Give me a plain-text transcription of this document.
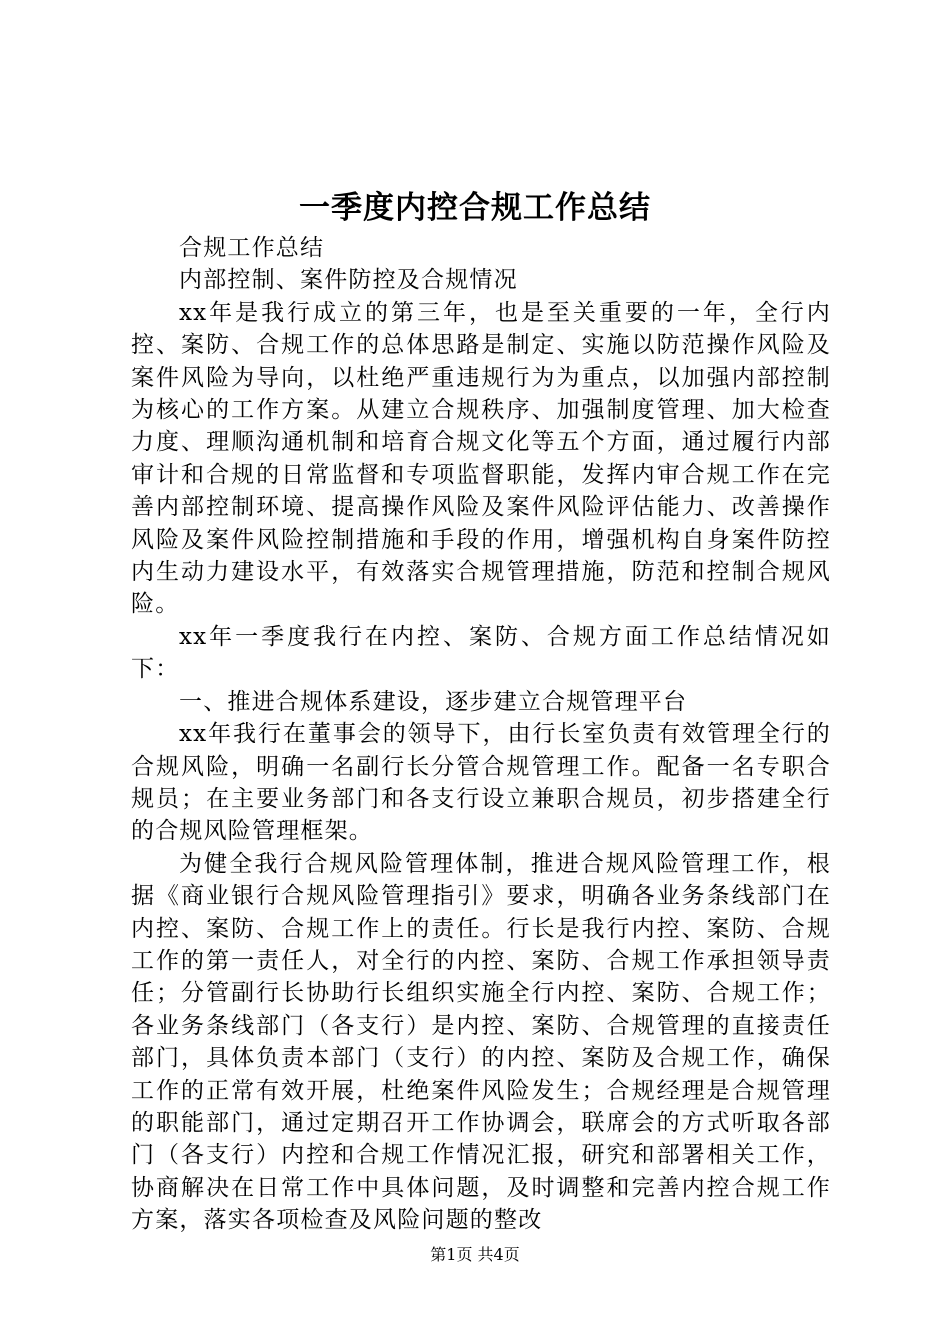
一季度内控合规工作总结

合规工作总结

内部控制、案件防控及合规情况

xx年是我行成立的第三年，也是至关重要的一年，全行内控、案防、合规工作的总体思路是制定、实施以防范操作风险及案件风险为导向，以杜绝严重违规行为为重点，以加强内部控制为核心的工作方案。从建立合规秩序、加强制度管理、加大检查力度、理顺沟通机制和培育合规文化等五个方面，通过履行内部审计和合规的日常监督和专项监督职能，发挥内审合规工作在完善内部控制环境、提高操作风险及案件风险评估能力、改善操作风险及案件风险控制措施和手段的作用，增强机构自身案件防控内生动力建设水平，有效落实合规管理措施，防范和控制合规风险。

xx年一季度我行在内控、案防、合规方面工作总结情况如下：

一、推进合规体系建设，逐步建立合规管理平台

xx年我行在董事会的领导下，由行长室负责有效管理全行的合规风险，明确一名副行长分管合规管理工作。配备一名专职合规员；在主要业务部门和各支行设立兼职合规员，初步搭建全行的合规风险管理框架。

为健全我行合规风险管理体制，推进合规风险管理工作，根据《商业银行合规风险管理指引》要求，明确各业务条线部门在内控、案防、合规工作上的责任。行长是我行内控、案防、合规工作的第一责任人，对全行的内控、案防、合规工作承担领导责任；分管副行长协助行长组织实施全行内控、案防、合规工作；各业务条线部门（各支行）是内控、案防、合规管理的直接责任部门，具体负责本部门（支行）的内控、案防及合规工作，确保工作的正常有效开展，杜绝案件风险发生；合规经理是合规管理的职能部门，通过定期召开工作协调会，联席会的方式听取各部门（各支行）内控和合规工作情况汇报，研究和部署相关工作，协商解决在日常工作中具体问题，及时调整和完善内控合规工作方案，落实各项检查及风险问题的整改

第1页 共4页
